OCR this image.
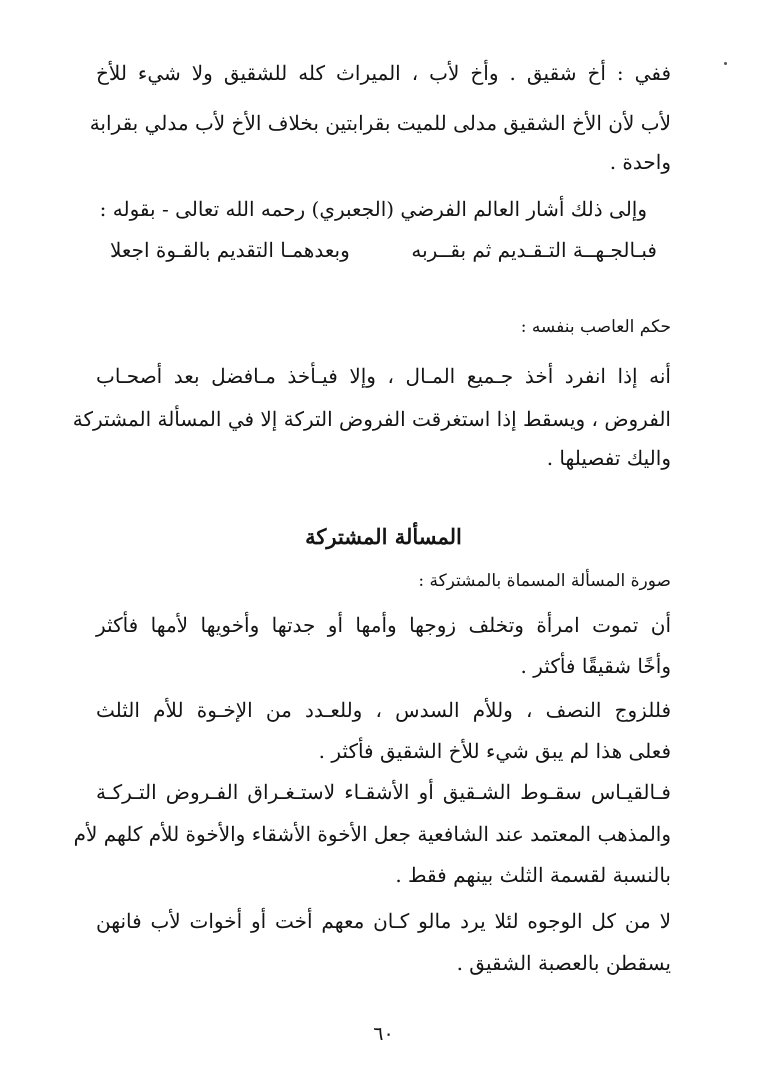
ففي : أخ شقيق . وأخ لأب ، الميراث كله للشقيق ولا شيء للأخ
لأب لأن الأخ الشقيق مدلى للميت بقرابتين بخلاف الأخ لأب مدلي بقرابة
واحدة .
وإلى ذلك أشار العالم الفرضي (الجعبري) رحمه الله تعالى - بقوله :
فبـالجـهــة التـقـديم ثم بقــربه
وبعدهمـا التقديم بالقـوة اجعلا
حكم العاصب بنفسه :
أنه إذا انفرد أخذ جـميع المـال ، وإلا فيـأخذ مـافضل بعد أصحـاب
الفروض ، ويسقط إذا استغرقت الفروض التركة إلا في المسألة المشتركة
واليك تفصيلها .
المسألة المشتركة
صورة المسألة المسماة بالمشتركة :
أن تموت امرأة وتخلف زوجها وأمها أو جدتها وأخويها لأمها فأكثر
وأخًا شقيقًا فأكثر .
فللزوج النصف ، وللأم السدس ، وللعـدد من الإخـوة للأم الثلث
فعلى هذا لم يبق شيء للأخ الشقيق فأكثر .
فـالقيـاس سقـوط الشـقيق أو الأشقـاء لاستـغـراق الفـروض التـركـة
والمذهب المعتمد عند الشافعية جعل الأخوة الأشقاء والأخوة للأم كلهم لأم
بالنسبة لقسمة الثلث بينهم فقط .
لا من كل الوجوه لئلا يرد مالو كـان معهم أخت أو أخوات لأب فانهن
يسقطن بالعصبة الشقيق .
٦٠
